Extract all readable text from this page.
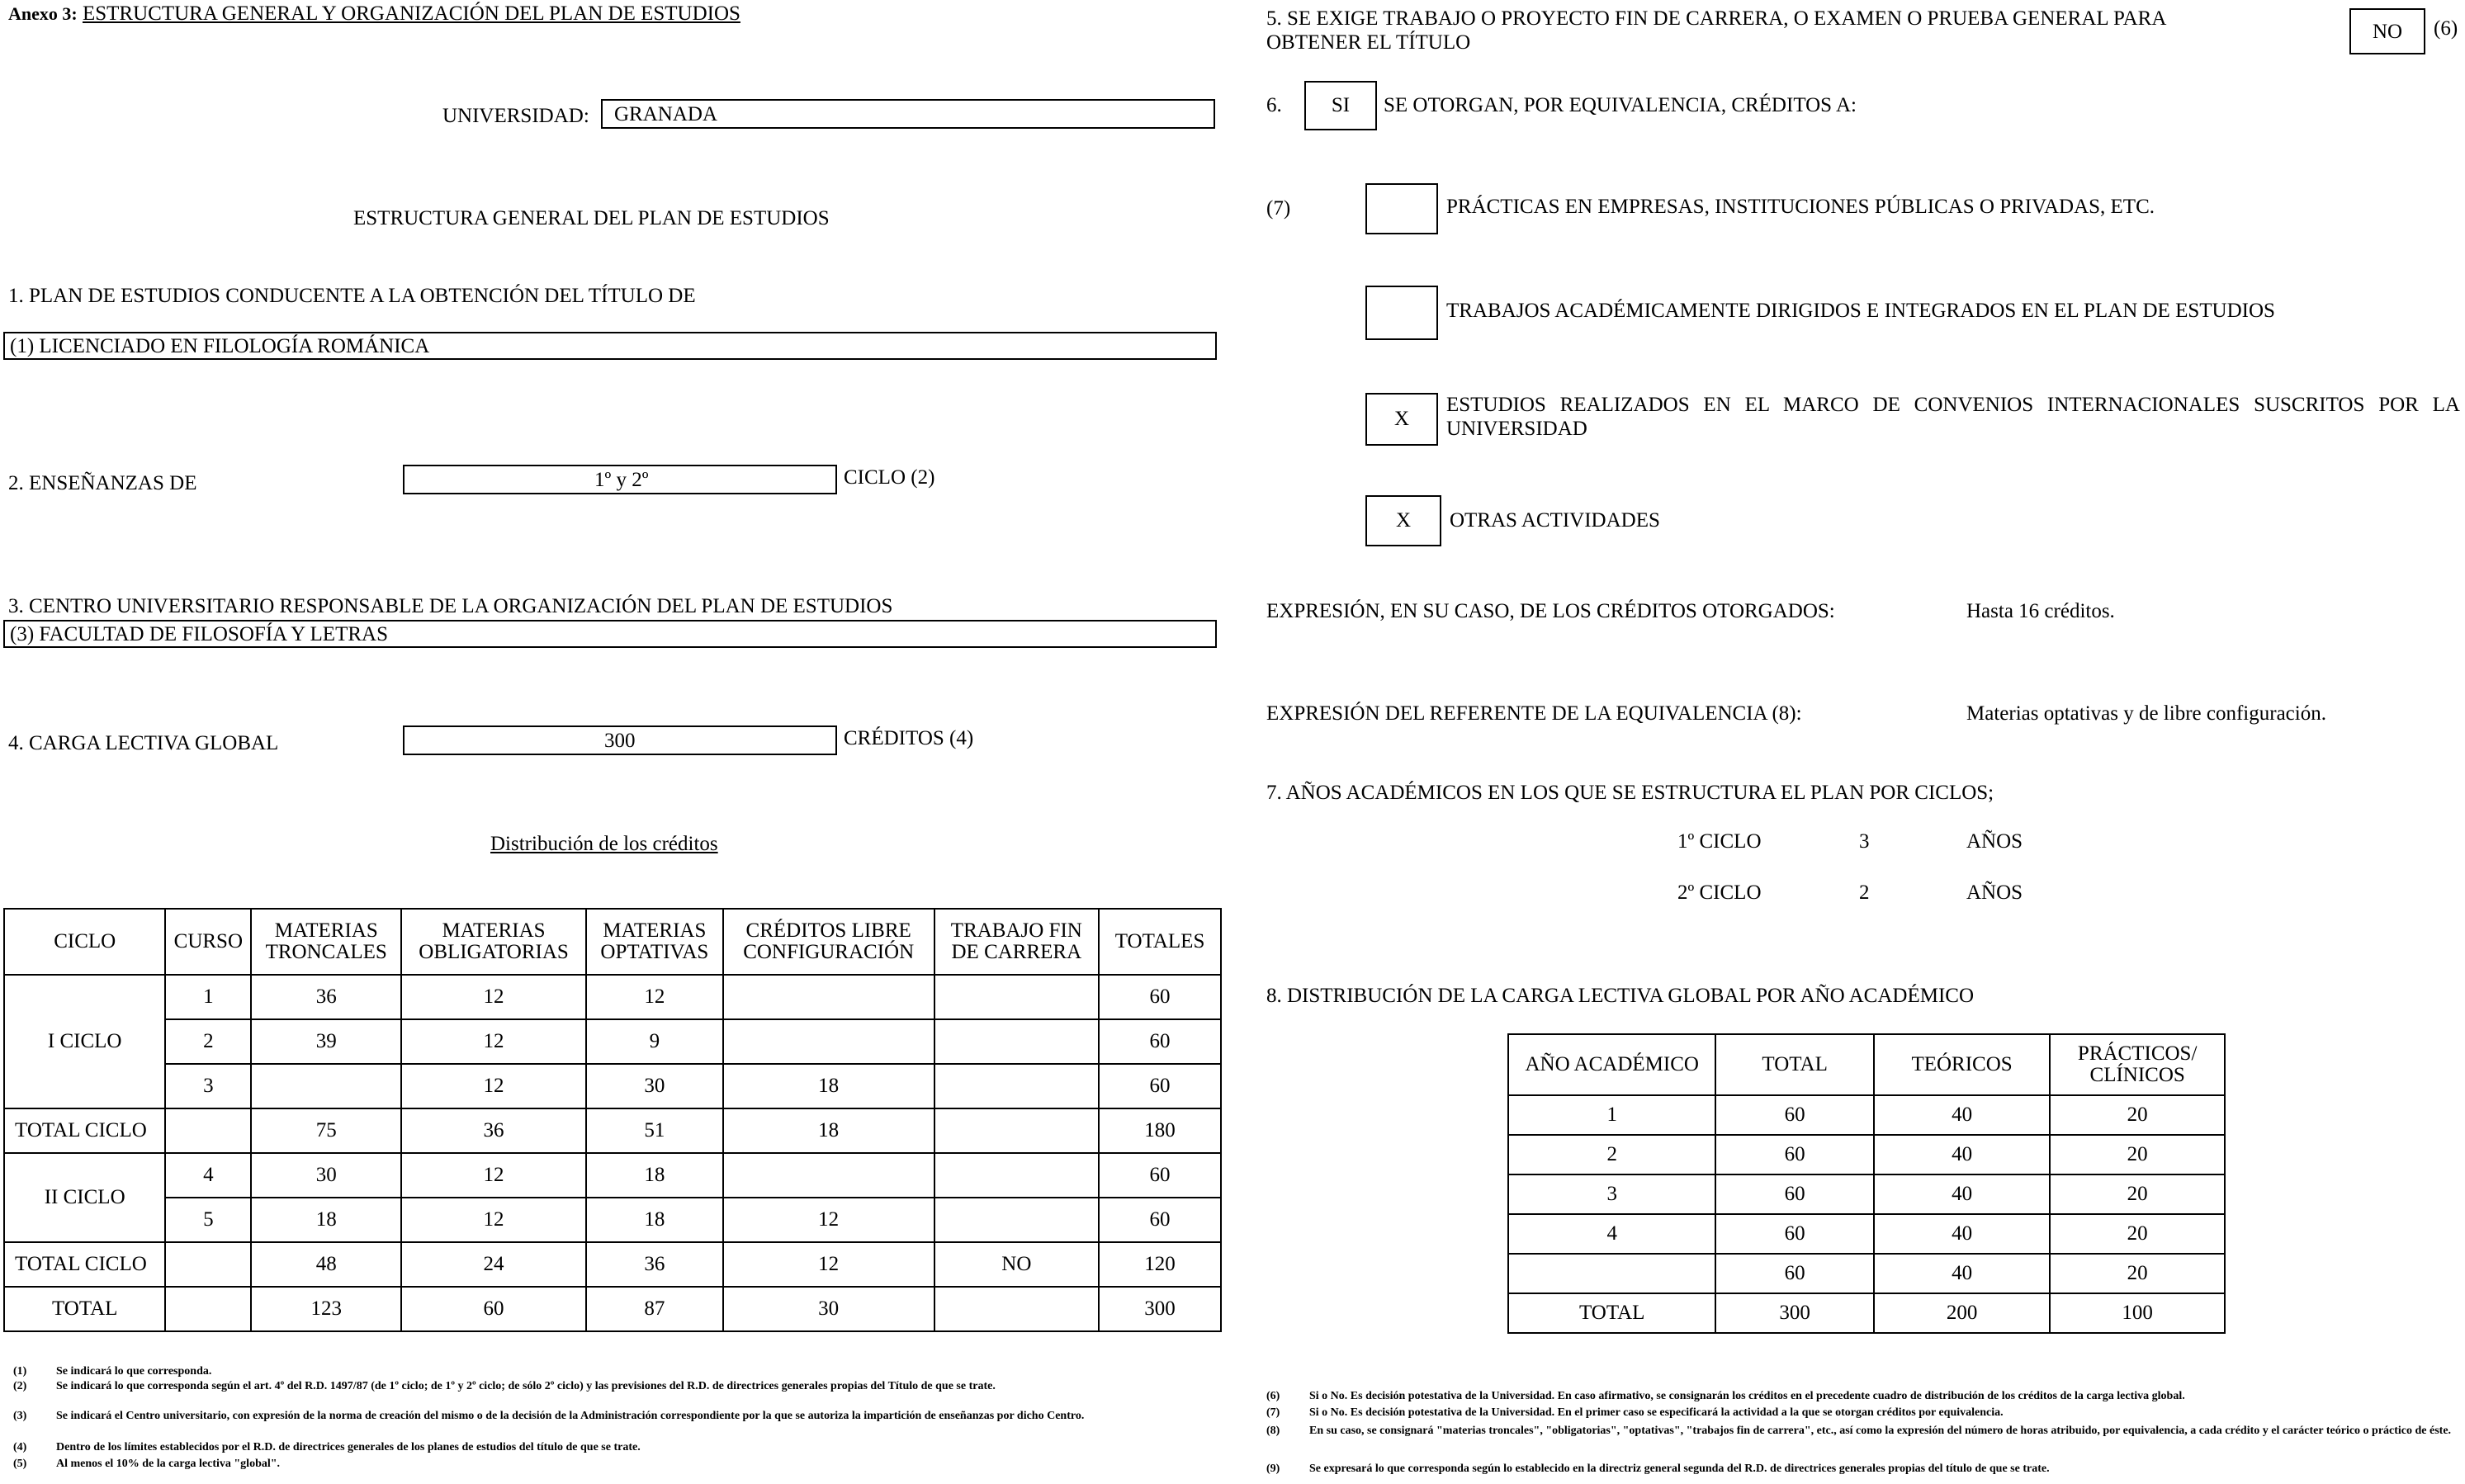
Anexo 3: ESTRUCTURA GENERAL Y ORGANIZACIÓN DEL PLAN DE ESTUDIOS
UNIVERSIDAD: GRANADA
ESTRUCTURA GENERAL DEL PLAN DE ESTUDIOS
1. PLAN DE ESTUDIOS CONDUCENTE A LA OBTENCIÓN DEL TÍTULO DE
(1) LICENCIADO EN FILOLOGÍA ROMÁNICA
2. ENSEÑANZAS DE	1º y 2º	CICLO (2)
3. CENTRO UNIVERSITARIO RESPONSABLE DE LA ORGANIZACIÓN DEL PLAN DE ESTUDIOS
(3) FACULTAD DE FILOSOFÍA Y LETRAS
4. CARGA LECTIVA GLOBAL	300	CRÉDITOS (4)
Distribución de los créditos
CICLO	CURSO	MATERIAS TRONCALES	MATERIAS OBLIGATORIAS	MATERIAS OPTATIVAS	CRÉDITOS LIBRE CONFIGURACIÓN	TRABAJO FIN DE CARRERA	TOTALES
I CICLO	1	36	12	12			60
	2	39	12	9			60
	3		12	30	18		60
TOTAL CICLO		75	36	51	18		180
II CICLO	4	30	12	18			60
	5	18	12	18	12		60
TOTAL CICLO		48	24	36	12	NO	120
TOTAL		123	60	87	30		300
(1)	Se indicará lo que corresponda.
(2)	Se indicará lo que corresponda según el art. 4º del R.D. 1497/87 (de 1º ciclo; de 1º y 2º ciclo; de sólo 2º ciclo) y las previsiones del R.D. de directrices generales propias del Título de que se trate.
(3)	Se indicará el Centro universitario, con expresión de la norma de creación del mismo o de la decisión de la Administración correspondiente por la que se autoriza la impartición de enseñanzas por dicho Centro.
(4)	Dentro de los límites establecidos por el R.D. de directrices generales de los planes de estudios del título de que se trate.
(5)	Al menos el 10% de la carga lectiva "global".
5. SE EXIGE TRABAJO O PROYECTO FIN DE CARRERA, O EXAMEN O PRUEBA GENERAL PARA OBTENER EL TÍTULO	NO	(6)
6.	SI	SE OTORGAN, POR EQUIVALENCIA, CRÉDITOS A:
(7)	PRÁCTICAS EN EMPRESAS, INSTITUCIONES PÚBLICAS O PRIVADAS, ETC.
TRABAJOS ACADÉMICAMENTE DIRIGIDOS E INTEGRADOS EN EL PLAN DE ESTUDIOS
X
ESTUDIOS REALIZADOS EN EL MARCO DE CONVENIOS INTERNACIONALES SUSCRITOS POR LA UNIVERSIDAD
X	OTRAS ACTIVIDADES
EXPRESIÓN, EN SU CASO, DE LOS CRÉDITOS OTORGADOS:	Hasta 16 créditos.
EXPRESIÓN DEL REFERENTE DE LA EQUIVALENCIA (8):	Materias optativas y de libre configuración.
7. AÑOS ACADÉMICOS EN LOS QUE SE ESTRUCTURA EL PLAN POR CICLOS;
1º CICLO	3	AÑOS
2º CICLO	2	AÑOS
8. DISTRIBUCIÓN DE LA CARGA LECTIVA GLOBAL POR AÑO ACADÉMICO
AÑO ACADÉMICO	TOTAL	TEÓRICOS	PRÁCTICOS/ CLÍNICOS
1	60	40	20
2	60	40	20
3	60	40	20
4	60	40	20
	60	40	20
TOTAL	300	200	100
(6)	Si o No. Es decisión potestativa de la Universidad. En caso afirmativo, se consignarán los créditos en el precedente cuadro de distribución de los créditos de la carga lectiva global.
(7)	Si o No. Es decisión potestativa de la Universidad. En el primer caso se especificará la actividad a la que se otorgan créditos por equivalencia.
(8)	En su caso, se consignará "materias troncales", "obligatorias", "optativas", "trabajos fin de carrera", etc., así como la expresión del número de horas atribuido, por equivalencia, a cada crédito y el carácter teórico o práctico de éste.
(9)	Se expresará lo que corresponda según lo establecido en la directriz general segunda del R.D. de directrices generales propias del título de que se trate.
